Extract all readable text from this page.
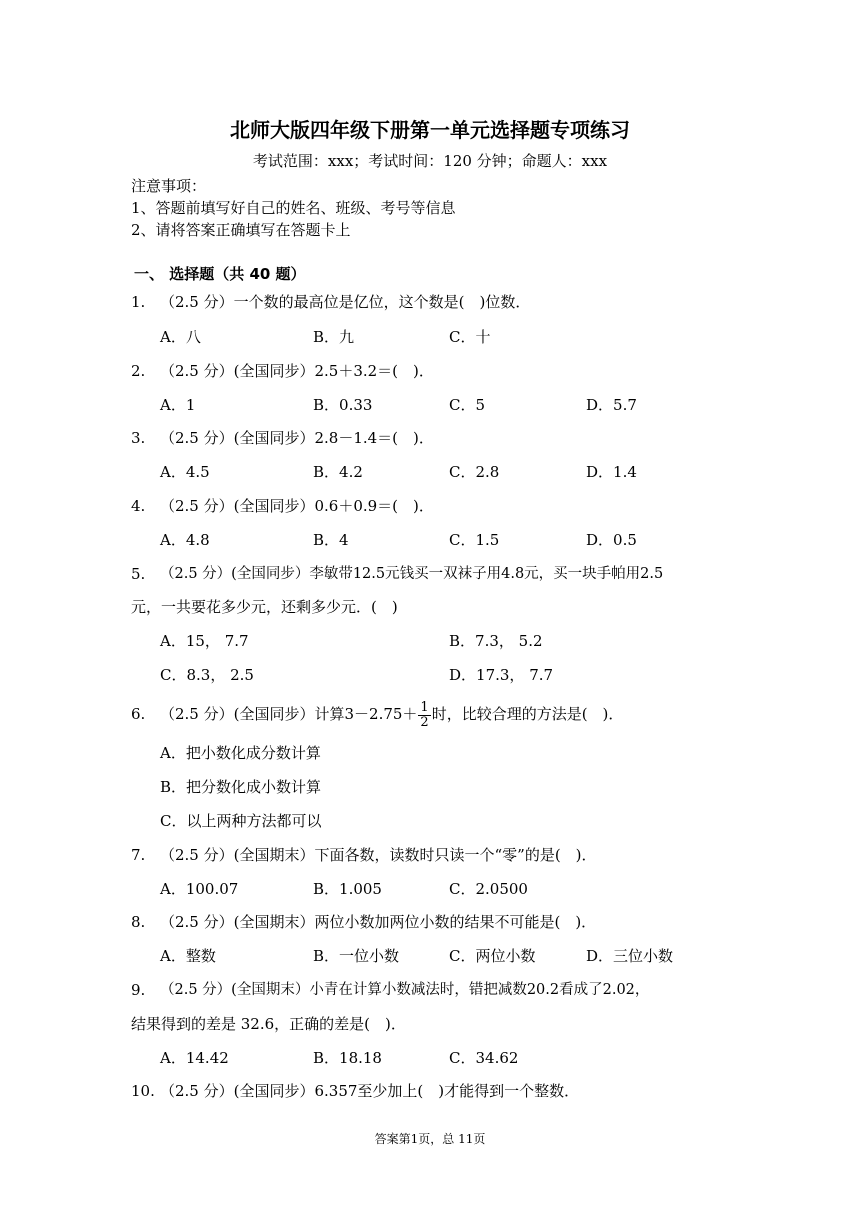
北师大版四年级下册第一单元选择题专项练习
考试范围：xxx；考试时间：120 分钟；命题人：xxx
注意事项：
1、答题前填写好自己的姓名、班级、考号等信息
2、请将答案正确填写在答题卡上
一、 选择题（共 40 题）
1. （2.5 分）一个数的最高位是亿位，这个数是(　)位数．
A．八	B．九	C．十
2. （2.5 分）(全国同步）2.5＋3.2＝(　)．
A．1	B．0.33	C．5	D．5.7
3. （2.5 分）(全国同步）2.8－1.4＝(　)．
A．4.5	B．4.2	C．2.8	D．1.4
4. （2.5 分）(全国同步）0.6＋0.9＝(　)．
A．4.8	B．4	C．1.5	D．0.5
5. （2.5 分）(全国同步）李敏带12.5元钱买一双袜子用4.8元，买一块手帕用2.5
元，一共要花多少元，还剩多少元．(　)
A．15， 7.7	B．7.3， 5.2
C．8.3， 2.5	D．17.3， 7.7
6. （2.5 分）(全国同步）计算$3-2.75+ \frac{1}{2}$ 时，比较合理的方法是(　)．
A．把小数化成分数计算
B．把分数化成小数计算
C．以上两种方法都可以
7. （2.5 分）(全国期末）下面各数，读数时只读一个“零”的是(　)．
A．100.07	B．1.005	C．2.0500
8. （2.5 分）(全国期末）两位小数加两位小数的结果不可能是(　)．
A．整数	B．一位小数	C．两位小数	D．三位小数
9. （2.5 分）(全国期末）小青在计算小数减法时，错把减数20.2看成了2.02，
结果得到的差是 32.6，正确的差是(　)．
A．14.42	B．18.18	C．34.62
10. （2.5 分）(全国同步）6.357至少加上(　)才能得到一个整数．
答案第1页，总 11页
